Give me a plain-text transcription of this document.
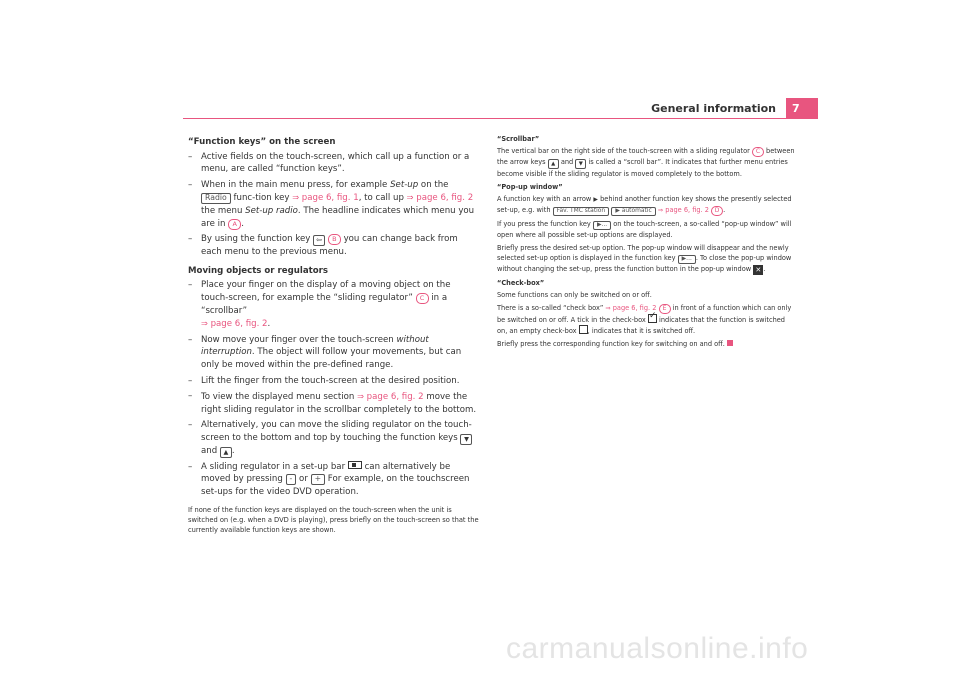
General information	7
“Function keys” on the screen
– Active fields on the touch-screen, which call up a function or a menu, are called “function keys”.
– When in the main menu press, for example Set-up on the Radio func-tion key ⇒ page 6, fig. 1, to call up ⇒ page 6, fig. 2 the menu Set-up radio. The headline indicates which menu you are in A .
– By using the function key ⇦ B you can change back from each menu to the previous menu.
Moving objects or regulators
– Place your finger on the display of a moving object on the touch-screen, for example the “sliding regulator” C in a “scrollbar”
⇒ page 6, fig. 2.
– Now move your finger over the touch-screen without interruption. The object will follow your movements, but can only be moved within the pre-defined range.
– Lift the finger from the touch-screen at the desired position.
– To view the displayed menu section ⇒ page 6, fig. 2 move the right sliding regulator in the scrollbar completely to the bottom.
– Alternatively, you can move the sliding regulator on the touch-screen to the bottom and top by touching the function keys ▼ and ▲ .
– A sliding regulator in a set-up bar  can alternatively be moved by pressing - or + For example, on the touchscreen set-ups for the video DVD operation.
If none of the function keys are displayed on the touch-screen when the unit is switched on (e.g. when a DVD is playing), press briefly on the touch-screen so that the currently available function keys are shown.
“Scrollbar”

The vertical bar on the right side of the touch-screen with a sliding regulator C between the arrow keys ▲ and ▼ is called a “scroll bar”. It indicates that further menu entries become visible if the sliding regulator is moved completely to the bottom.

“Pop-up window”

A function key with an arrow ▶ behind another function key shows the presently selected set-up, e.g. with Fav. TMC station ▶ automatic ⇒ page 6, fig. 2 D .

If you press the function key ▶... on the touch-screen, a so-called “pop-up window” will open where all possible set-up options are displayed.

Briefly press the desired set-up option. The pop-up window will disappear and the newly selected set-up option is displayed in the function key ▶... . To close the pop-up window without changing the set-up, press the function button in the pop-up window ✕ .

“Check-box”

Some functions can only be switched on or off.

There is a so-called “check box” ⇒ page 6, fig. 2 E in front of a function which can only be switched on or off. A tick in the check-box ✓ indicates that the function is switched on, an empty check-box , indicates that it is switched off.

Briefly press the corresponding function key for switching on and off.

carmanualsonline.info
